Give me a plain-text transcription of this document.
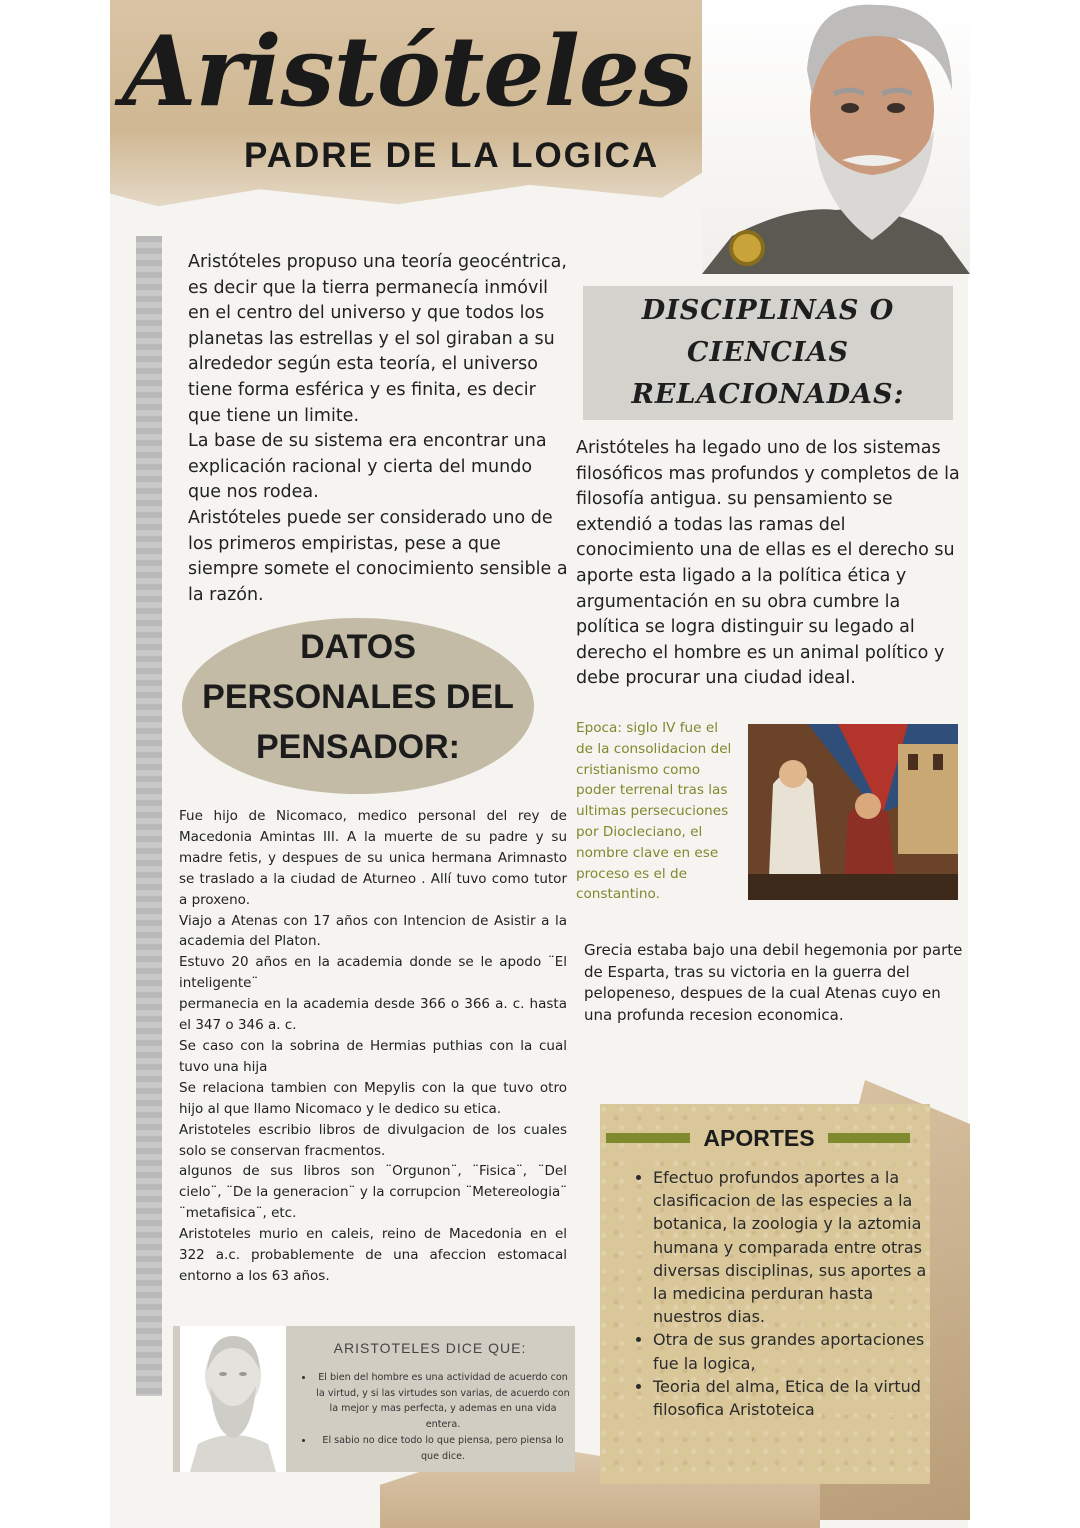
Aristóteles
PADRE DE LA LOGICA

Aristóteles propuso una teoría geocéntrica, es decir que la tierra permanecía inmóvil en el centro del universo y que todos los planetas las estrellas y el sol giraban a su alrededor según esta teoría, el universo tiene forma esférica y es finita, es decir que tiene un limite.

La base de su sistema era encontrar una explicación racional y cierta del mundo que nos rodea.

Aristóteles puede ser considerado uno de los primeros empiristas, pese a que siempre somete el conocimiento sensible a la razón.

DISCIPLINAS O
CIENCIAS
RELACIONADAS:
Aristóteles ha legado uno de los sistemas filosóficos mas profundos y completos de la filosofía antigua. su pensamiento se extendió a todas las ramas del conocimiento una de ellas es el derecho su aporte esta ligado a la política ética y argumentación en su obra cumbre la política se logra distinguir su legado al derecho el hombre es un animal político y debe procurar una ciudad ideal.
DATOS
PERSONALES DEL
PENSADOR:	Epoca: siglo IV fue el de la consolidacion del cristianismo como poder terrenal tras las ultimas persecuciones por Diocleciano, el nombre clave en ese proceso es el de constantino.
Grecia estaba bajo una debil hegemonia por parte de Esparta, tras su victoria en la guerra del pelopeneso, despues de la cual Atenas cuyo en una profunda recesion economica.

Fue hijo de Nicomaco, medico personal del rey de Macedonia Amintas III. A la muerte de su padre y su madre fetis, y despues de su unica hermana Arimnasto se traslado a la ciudad de Aturneo . Allí tuvo como tutor a proxeno.

Viajo a Atenas con 17 años con Intencion de Asistir a la academia del Platon.

Estuvo 20 años en la academia donde se le apodo ¨El inteligente¨

permanecia en la academia desde 366 o 366 a. c. hasta el 347 o 346 a. c.

Se caso con la sobrina de Hermias puthias con la cual tuvo una hija

Se relaciona tambien con Mepylis con la que tuvo otro hijo al que llamo Nicomaco y le dedico su etica.

Aristoteles escribio libros de divulgacion de los cuales solo se conservan fracmentos.

algunos de sus libros son ¨Orgunon¨, ¨Fisica¨, ¨Del cielo¨, ¨De la generacion¨ y la corrupcion ¨Metereologia¨ ¨metafisica¨, etc.

Aristoteles murio en caleis, reino de Macedonia en el 322 a.c. probablemente de una afeccion estomacal entorno a los 63 años.

ARISTOTELES DICE QUE:
• El bien del hombre es una actividad de acuerdo con la virtud, y si las virtudes son varias, de acuerdo con la mejor y mas perfecta, y ademas en una vida entera.
• El sabio no dice todo lo que piensa, pero piensa lo que dice.
APORTES
• Efectuo profundos aportes a la clasificacion de las especies a la botanica, la zoologia y la aztomia humana y comparada entre otras diversas disciplinas, sus aportes a la medicina perduran hasta nuestros dias.
• Otra de sus grandes aportaciones fue la logica,
• Teoria del alma, Etica de la virtud filosofica Aristoteica
